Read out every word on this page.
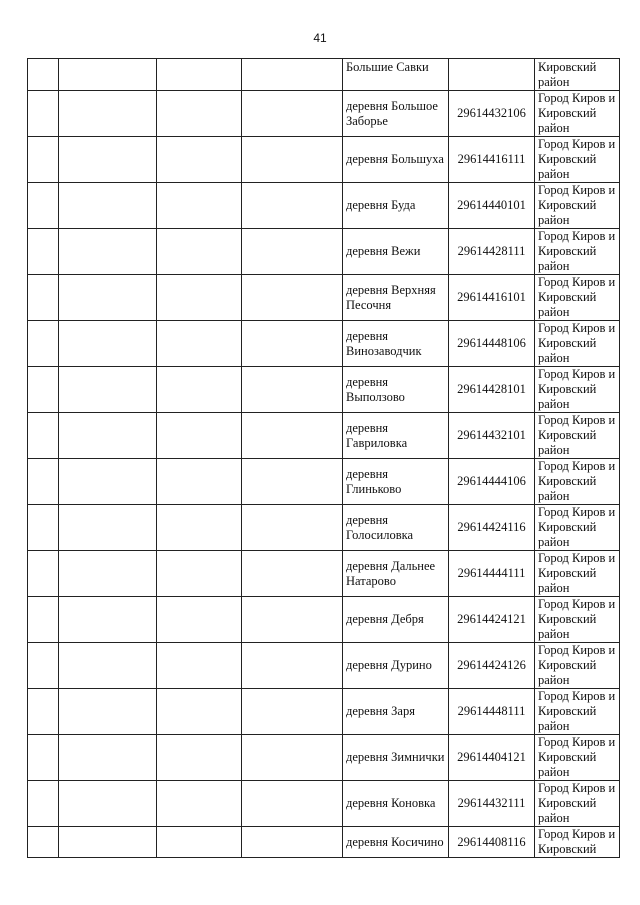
41
				Большие Савки		Кировский район
				деревня Большое Заборье	29614432106	Город Киров и Кировский район
				деревня Большуха	29614416111	Город Киров и Кировский район
				деревня Буда	29614440101	Город Киров и Кировский район
				деревня Вежи	29614428111	Город Киров и Кировский район
				деревня Верхняя Песочня	29614416101	Город Киров и Кировский район
				деревня Винозаводчик	29614448106	Город Киров и Кировский район
				деревня Выползово	29614428101	Город Киров и Кировский район
				деревня Гавриловка	29614432101	Город Киров и Кировский район
				деревня Глиньково	29614444106	Город Киров и Кировский район
				деревня Голосиловка	29614424116	Город Киров и Кировский район
				деревня Дальнее Натарово	29614444111	Город Киров и Кировский район
				деревня Дебря	29614424121	Город Киров и Кировский район
				деревня Дурино	29614424126	Город Киров и Кировский район
				деревня Заря	29614448111	Город Киров и Кировский район
				деревня Зимнички	29614404121	Город Киров и Кировский район
				деревня Коновка	29614432111	Город Киров и Кировский район
				деревня Косичино	29614408116	Город Киров и Кировский
